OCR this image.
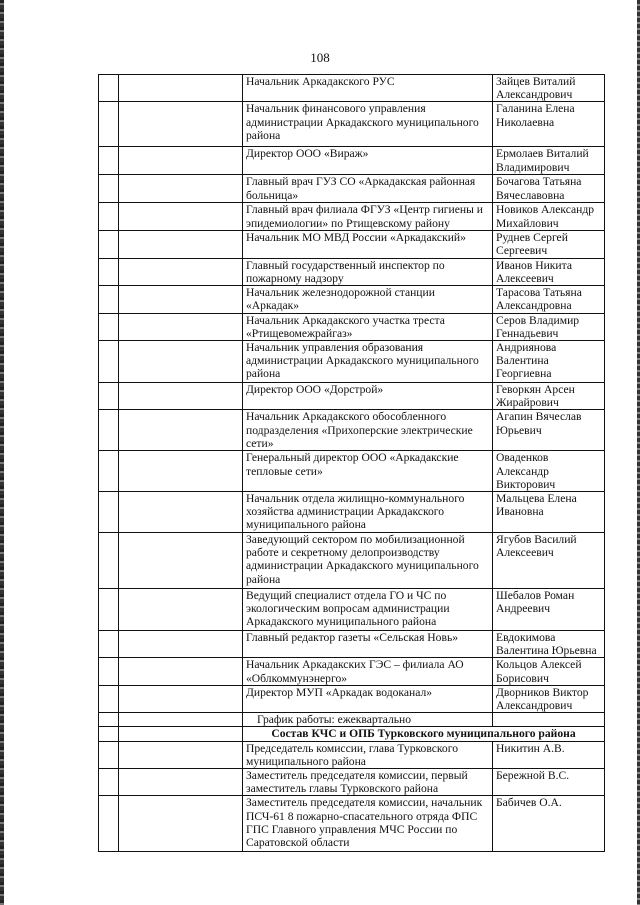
108
		Начальник Аркадакского РУС	Зайцев Виталий Александрович
		Начальник финансового управления администрации Аркадакского муниципального района	Галанина Елена Николаевна
		Директор ООО «Вираж»	Ермолаев Виталий Владимирович
		Главный врач ГУЗ СО «Аркадакская районная больница»	Бочагова Татьяна Вячеславовна
		Главный врач филиала ФГУЗ «Центр гигиены и эпидемиологии» по Ртищевскому району	Новиков Александр Михайлович
		Начальник МО МВД России «Аркадакский»	Руднев Сергей Сергеевич
		Главный государственный инспектор по пожарному надзору	Иванов Никита Алексеевич
		Начальник железнодорожной станции «Аркадак»	Тарасова Татьяна Александровна
		Начальник Аркадакского участка треста «Ртищевомежрайгаз»	Серов Владимир Геннадьевич
		Начальник управления образования администрации Аркадакского муниципального района	Андриянова Валентина Георгиевна
		Директор ООО «Дорстрой»	Геворкян Арсен Жирайрович
		Начальник Аркадакского обособленного подразделения «Прихоперские электрические сети»	Агапин Вячеслав Юрьевич
		Генеральный директор ООО «Аркадакские тепловые сети»	Оваденков Александр Викторович
		Начальник отдела жилищно-коммунального хозяйства администрации Аркадакского муниципального района	Мальцева Елена Ивановна
		Заведующий сектором по мобилизационной работе и секретному делопроизводству администрации Аркадакского муниципального района	Ягубов Василий Алексеевич
		Ведущий специалист отдела ГО и ЧС по экологическим вопросам администрации Аркадакского муниципального района	Шебалов Роман Андреевич
		Главный редактор газеты «Сельская Новь»	Евдокимова Валентина Юрьевна
		Начальник Аркадакских ГЭС – филиала АО «Облкоммунэнерго»	Кольцов Алексей Борисович
		Директор МУП «Аркадак водоканал»	Дворников Виктор Александрович
		График работы: ежеквартально	
		Состав КЧС и ОПБ Турковского муниципального района	
		Председатель комиссии, глава Турковского муниципального района	Никитин А.В.
		Заместитель председателя комиссии, первый заместитель главы Турковского района	Бережной В.С.
		Заместитель председателя комиссии, начальник ПСЧ-61 8 пожарно-спасательного отряда ФПС ГПС Главного управления МЧС России по Саратовской области	Бабичев О.А.
